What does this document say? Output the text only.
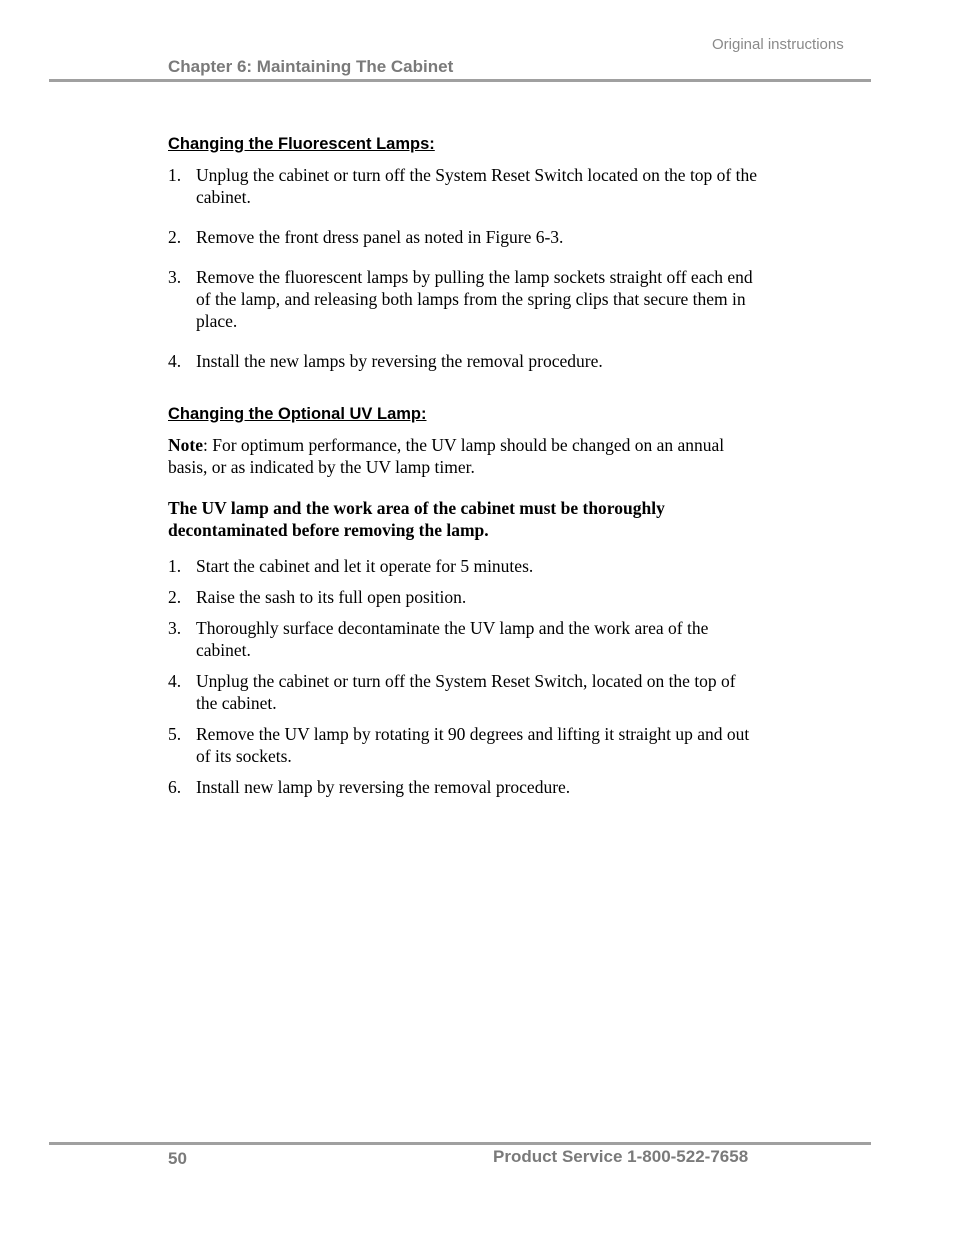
Original instructions
Chapter 6: Maintaining The Cabinet
Changing the Fluorescent Lamps:
1. Unplug the cabinet or turn off the System Reset Switch located on the top of the cabinet.
2. Remove the front dress panel as noted in Figure 6-3.
3. Remove the fluorescent lamps by pulling the lamp sockets straight off each end of the lamp, and releasing both lamps from the spring clips that secure them in place.
4. Install the new lamps by reversing the removal procedure.
Changing the Optional UV Lamp:

Note: For optimum performance, the UV lamp should be changed on an annual basis, or as indicated by the UV lamp timer.

The UV lamp and the work area of the cabinet must be thoroughly decontaminated before removing the lamp.

1. Start the cabinet and let it operate for 5 minutes.
2. Raise the sash to its full open position.
3. Thoroughly surface decontaminate the UV lamp and the work area of the cabinet.
4. Unplug the cabinet or turn off the System Reset Switch, located on the top of the cabinet.
5. Remove the UV lamp by rotating it 90 degrees and lifting it straight up and out of its sockets.
6. Install new lamp by reversing the removal procedure.
50	Product Service 1-800-522-7658
